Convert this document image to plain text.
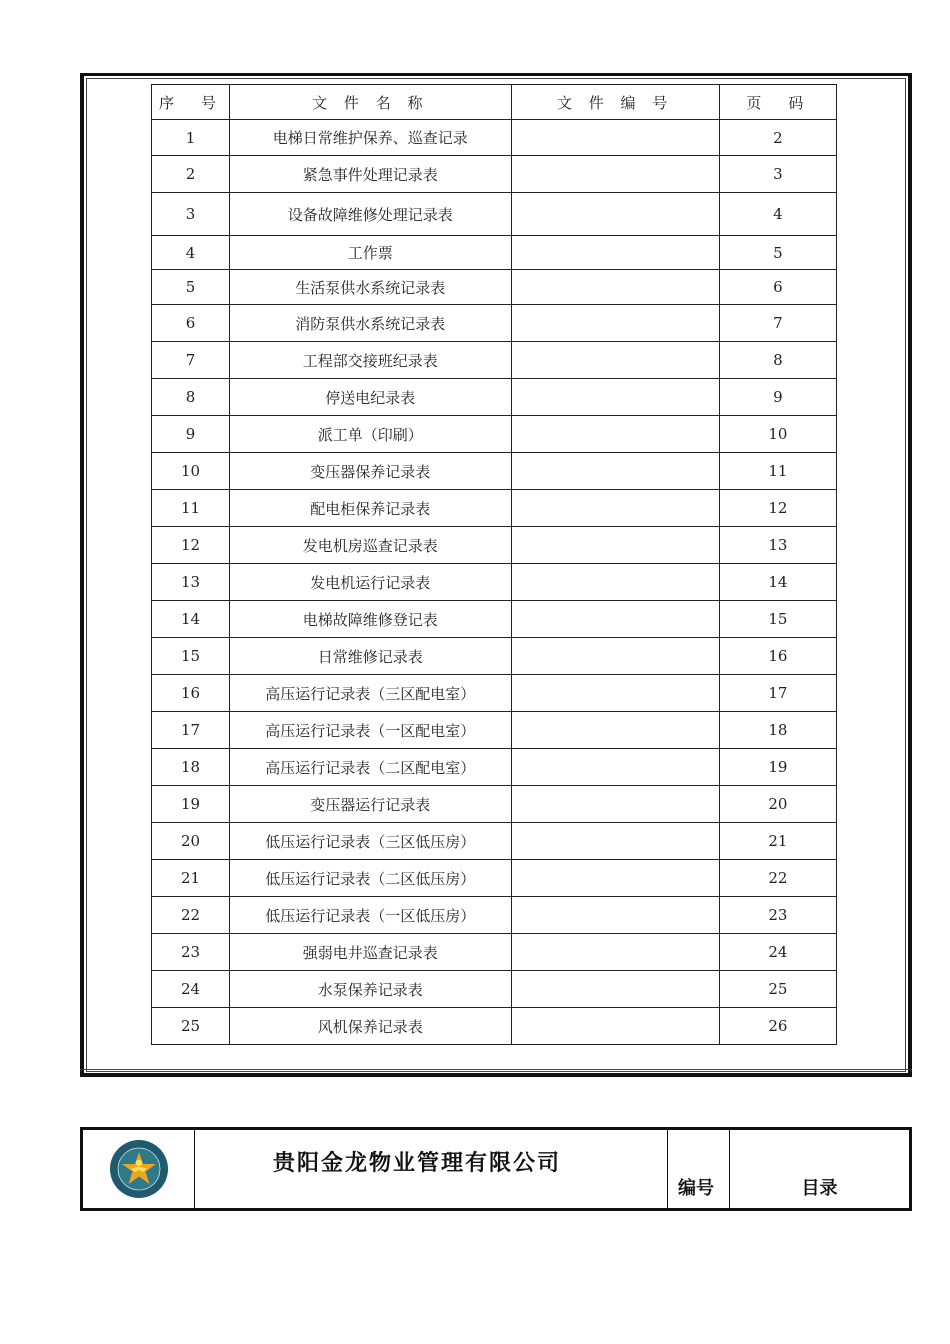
序　号	文 件 名 称	文 件 编 号	页　码
1	电梯日常维护保养、巡查记录		2
2	紧急事件处理记录表		3
3	设备故障维修处理记录表		4
4	工作票		5
5	生活泵供水系统记录表		6
6	消防泵供水系统记录表		7
7	工程部交接班纪录表		8
8	停送电纪录表		9
9	派工单（印刷）		10
10	变压器保养记录表		11
11	配电柜保养记录表		12
12	发电机房巡查记录表		13
13	发电机运行记录表		14
14	电梯故障维修登记表		15
15	日常维修记录表		16
16	高压运行记录表（三区配电室）		17
17	高压运行记录表（一区配电室）		18
18	高压运行记录表（二区配电室）		19
19	变压器运行记录表		20
20	低压运行记录表（三区低压房）		21
21	低压运行记录表（二区低压房）		22
22	低压运行记录表（一区低压房）		23
23	强弱电井巡查记录表		24
24	水泵保养记录表		25
25	风机保养记录表		26
贵阳金龙物业管理有限公司
编号	目录
